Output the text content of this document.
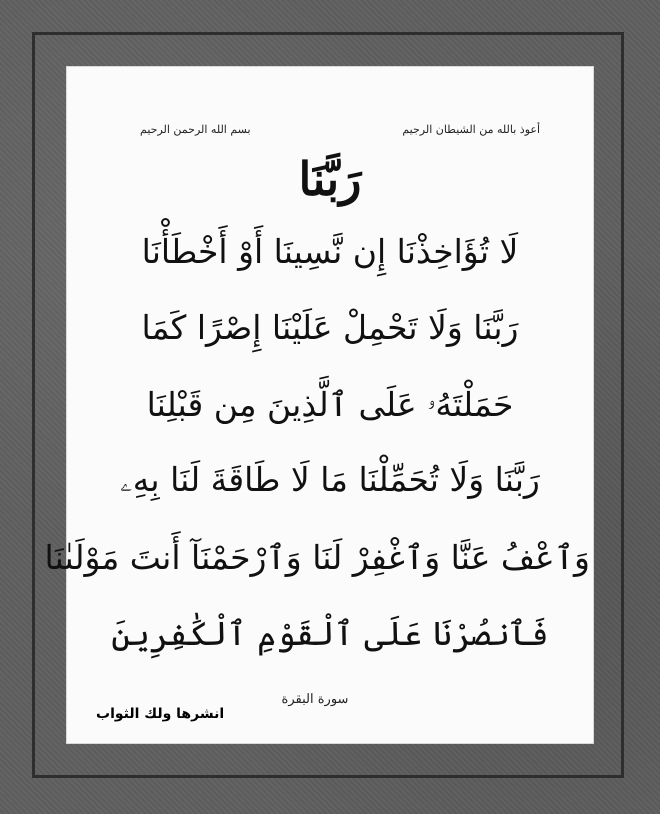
أعوذ بالله من الشيطان الرجيم
بسم الله الرحمن الرحيم
رَبَّنَا
لَا تُؤَاخِذْنَا إِن نَّسِينَا أَوْ أَخْطَأْنَا
رَبَّنَا وَلَا تَحْمِلْ عَلَيْنَا إِصْرًا كَمَا
حَمَلْتَهُۥ عَلَى ٱلَّذِينَ مِن قَبْلِنَا
رَبَّنَا وَلَا تُحَمِّلْنَا مَا لَا طَاقَةَ لَنَا بِهِۦ
وَٱعْفُ عَنَّا وَٱغْفِرْ لَنَا وَٱرْحَمْنَآ أَنتَ مَوْلَىٰنَا
فَٱنصُرْنَا عَلَى ٱلْقَوْمِ ٱلْكَٰفِرِينَ
سورة البقرة
انشرها ولك الثواب
